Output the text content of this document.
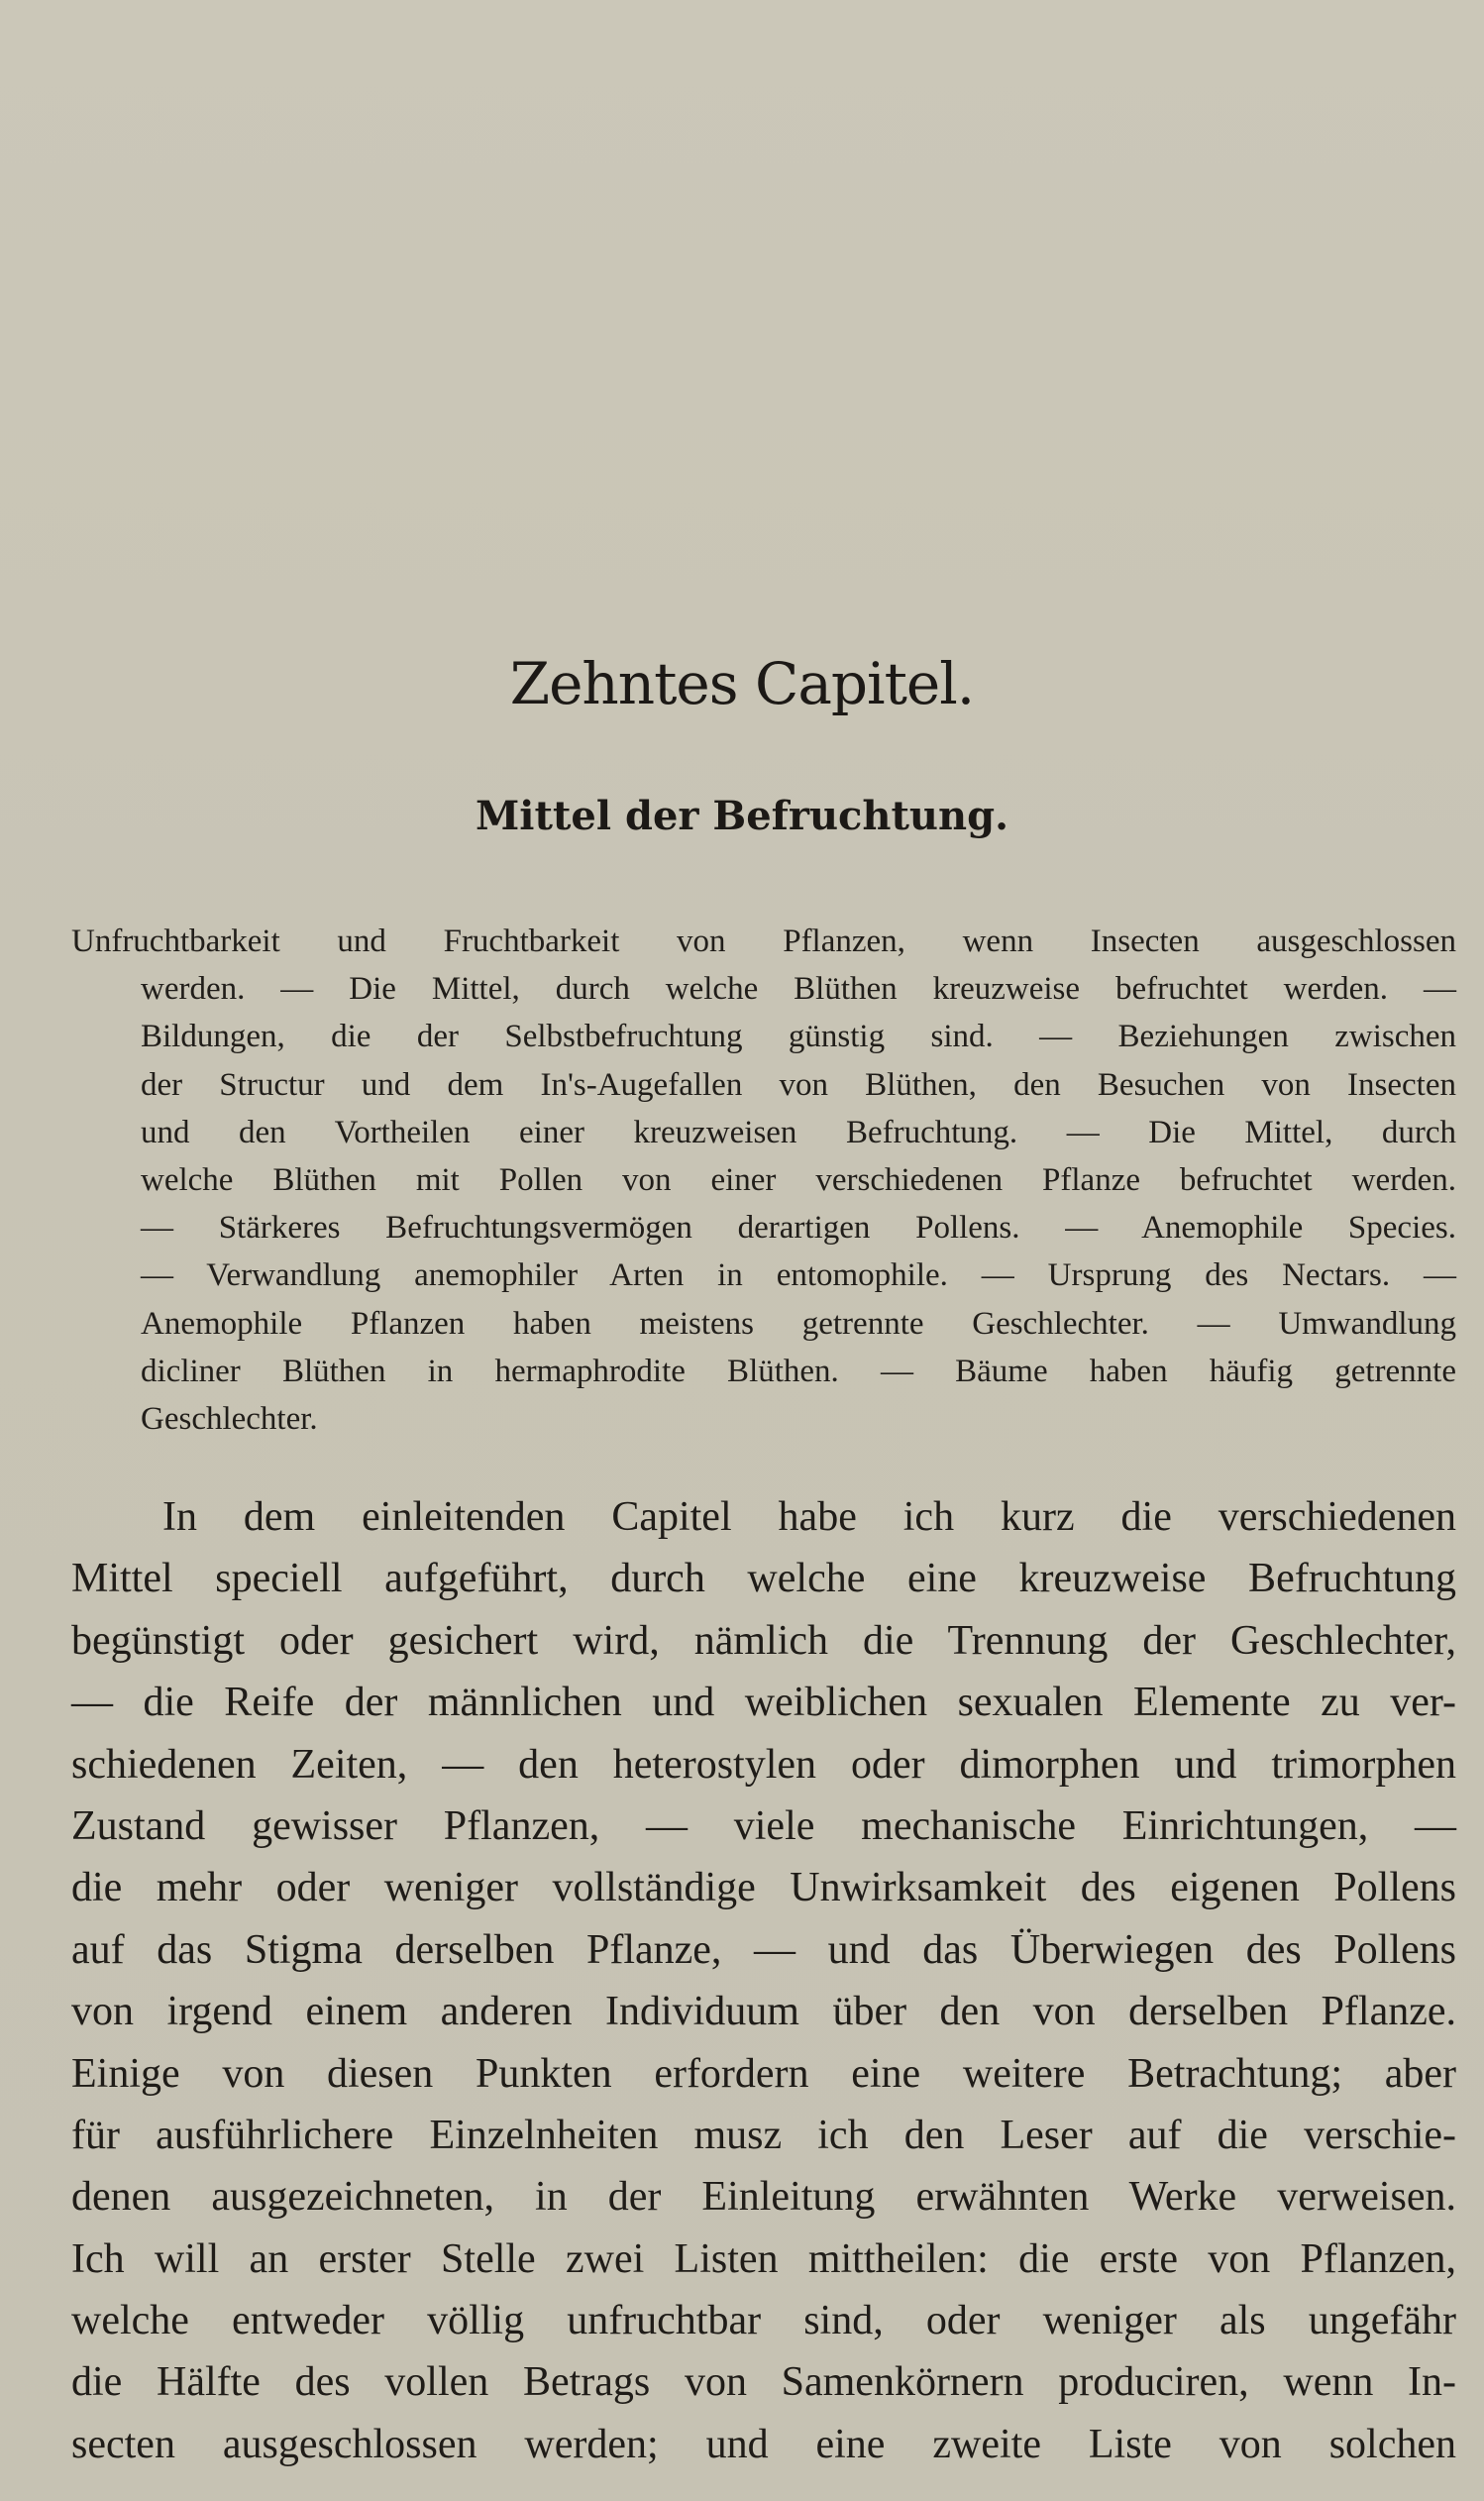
Zehntes Capitel.
Mittel der Befruchtung.
Unfruchtbarkeit und Fruchtbarkeit von Pflanzen, wenn Insecten ausgeschlossen
werden. — Die Mittel, durch welche Blüthen kreuzweise befruchtet werden. —
Bildungen, die der Selbstbefruchtung günstig sind. — Beziehungen zwischen
der Structur und dem In's-Augefallen von Blüthen, den Besuchen von Insecten
und den Vortheilen einer kreuzweisen Befruchtung. — Die Mittel, durch
welche Blüthen mit Pollen von einer verschiedenen Pflanze befruchtet werden.
— Stärkeres Befruchtungsvermögen derartigen Pollens. — Anemophile Species.
— Verwandlung anemophiler Arten in entomophile. — Ursprung des Nectars. —
Anemophile Pflanzen haben meistens getrennte Geschlechter. — Umwandlung
dicliner Blüthen in hermaphrodite Blüthen. — Bäume haben häufig getrennte
Geschlechter.
In dem einleitenden Capitel habe ich kurz die verschiedenen
Mittel speciell aufgeführt, durch welche eine kreuzweise Befruchtung
begünstigt oder gesichert wird, nämlich die Trennung der Geschlechter,
— die Reife der männlichen und weiblichen sexualen Elemente zu ver-
schiedenen Zeiten, — den heterostylen oder dimorphen und trimorphen
Zustand gewisser Pflanzen, — viele mechanische Einrichtungen, —
die mehr oder weniger vollständige Unwirksamkeit des eigenen Pollens
auf das Stigma derselben Pflanze, — und das Überwiegen des Pollens
von irgend einem anderen Individuum über den von derselben Pflanze.
Einige von diesen Punkten erfordern eine weitere Betrachtung; aber
für ausführlichere Einzelnheiten musz ich den Leser auf die verschie-
denen ausgezeichneten, in der Einleitung erwähnten Werke verweisen.
Ich will an erster Stelle zwei Listen mittheilen: die erste von Pflanzen,
welche entweder völlig unfruchtbar sind, oder weniger als ungefähr
die Hälfte des vollen Betrags von Samenkörnern produciren, wenn In-
secten ausgeschlossen werden; und eine zweite Liste von solchen
